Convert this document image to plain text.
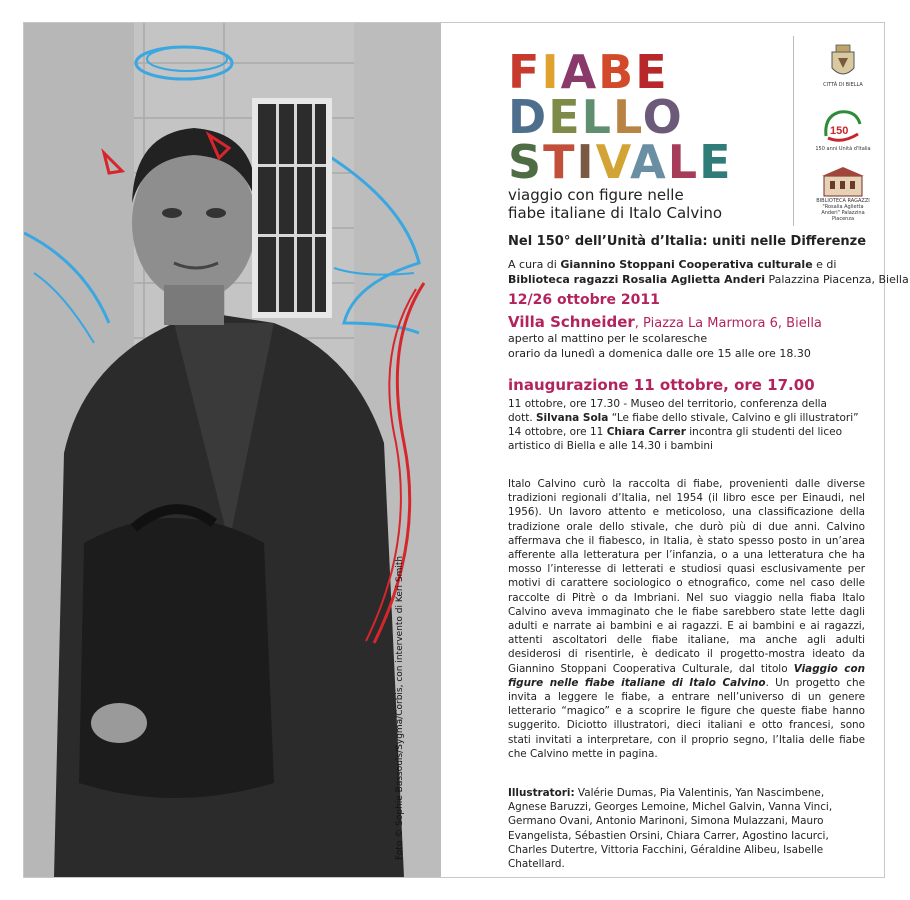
Foto © Sophie Bassouls/Sygma/Corbis, con intervento di Keri Smith
FIABE
DELLO
STIVALE
viaggio con figure nelle
fiabe italiane di Italo Calvino
CITTÀ DI BIELLA
150
150 anni Unità d'Italia
BIBLIOTECA RAGAZZI "Rosalia Aglietta Anderi" Palazzina Piacenza
Nel 150° dell’Unità d’Italia: uniti nelle Differenze
A cura di Giannino Stoppani Cooperativa culturale e di
Biblioteca ragazzi Rosalia Aglietta Anderi Palazzina Piacenza, Biella
12/26 ottobre 2011
Villa Schneider, Piazza La Marmora 6, Biella
aperto al mattino per le scolaresche
orario da lunedì a domenica dalle ore 15 alle ore 18.30
inaugurazione 11 ottobre, ore 17.00
11 ottobre, ore 17.30 - Museo del territorio, conferenza della
dott. Silvana Sola “Le fiabe dello stivale, Calvino e gli illustratori”
14 ottobre, ore 11 Chiara Carrer incontra gli studenti del liceo
artistico di Biella e alle 14.30 i bambini

Italo Calvino curò la raccolta di fiabe, provenienti dalle diverse tradizioni regionali d’Italia, nel 1954 (il libro esce per Einaudi, nel 1956). Un lavoro attento e meticoloso, una classificazione della tradizione orale dello stivale, che durò più di due anni. Calvino affermava che il fiabesco, in Italia, è stato spesso posto in un’area afferente alla letteratura per l’infanzia, o a una letteratura che ha mosso l’interesse di letterati e studiosi quasi esclusivamente per motivi di carattere sociologico o etnografico, come nel caso delle raccolte di Pitrè o da Imbriani. Nel suo viaggio nella fiaba Italo Calvino aveva immaginato che le fiabe sarebbero state lette dagli adulti e narrate ai bambini e ai ragazzi. E ai bambini e ai ragazzi, attenti ascoltatori delle fiabe italiane, ma anche agli adulti desiderosi di risentirle, è dedicato il progetto-mostra ideato da Giannino Stoppani Cooperativa Culturale, dal titolo Viaggio con figure nelle fiabe italiane di Italo Calvino. Un progetto che invita a leggere le fiabe, a entrare nell’universo di un genere letterario “magico” e a scoprire le figure che queste fiabe hanno suggerito. Diciotto illustratori, dieci italiani e otto francesi, sono stati invitati a interpretare, con il proprio segno, l’Italia delle fiabe che Calvino mette in pagina.

Illustratori: Valérie Dumas, Pia Valentinis, Yan Nascimbene, Agnese Baruzzi, Georges Lemoine, Michel Galvin, Vanna Vinci, Germano Ovani, Antonio Marinoni, Simona Mulazzani, Mauro Evangelista, Sébastien Orsini, Chiara Carrer, Agostino Iacurci, Charles Dutertre, Vittoria Facchini, Géraldine Alibeu, Isabelle Chatellard.
